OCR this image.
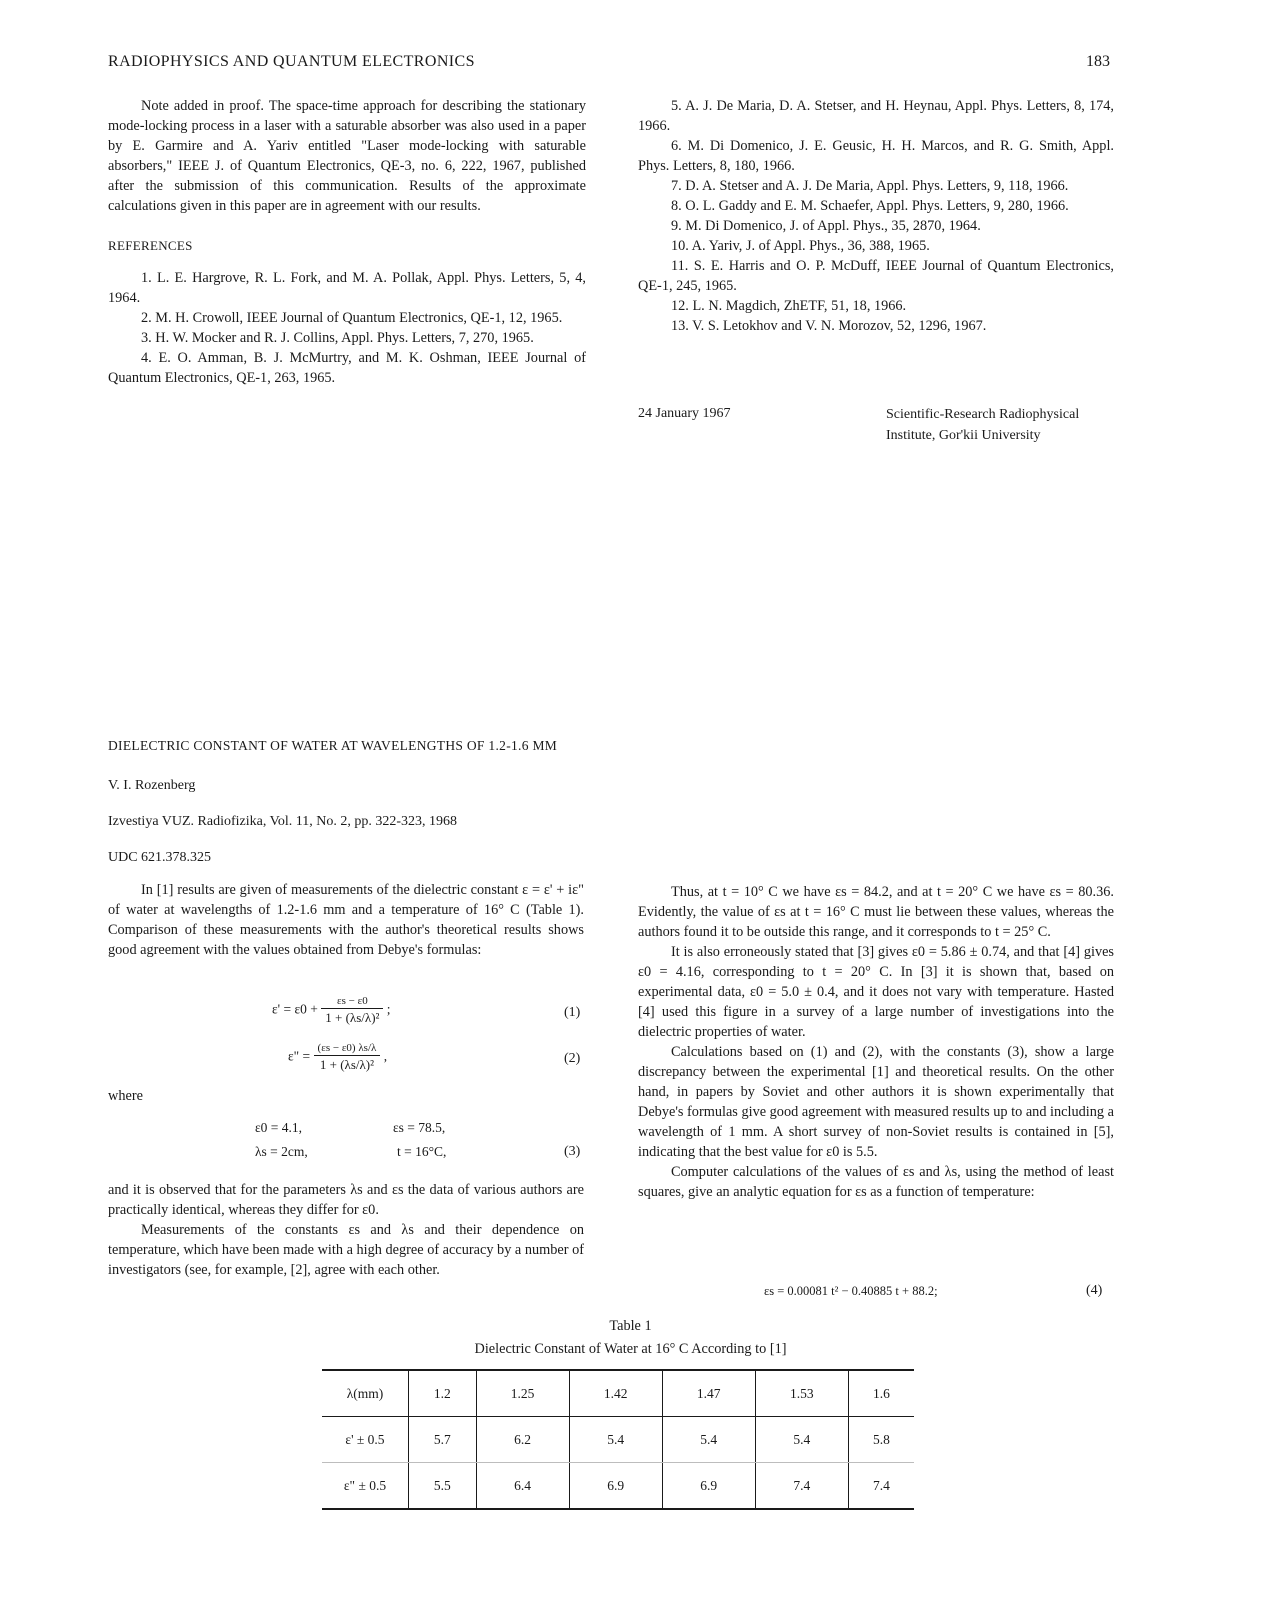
RADIOPHYSICS AND QUANTUM ELECTRONICS	183

Note added in proof. The space-time approach for describing the stationary mode-locking process in a laser with a saturable absorber was also used in a paper by E. Garmire and A. Yariv entitled "Laser mode-locking with saturable absorbers," IEEE J. of Quantum Electronics, QE-3, no. 6, 222, 1967, published after the submission of this communication. Results of the approximate calculations given in this paper are in agreement with our results.

REFERENCES

1. L. E. Hargrove, R. L. Fork, and M. A. Pollak, Appl. Phys. Letters, 5, 4, 1964.

2. M. H. Crowoll, IEEE Journal of Quantum Electronics, QE-1, 12, 1965.

3. H. W. Mocker and R. J. Collins, Appl. Phys. Letters, 7, 270, 1965.

4. E. O. Amman, B. J. McMurtry, and M. K. Oshman, IEEE Journal of Quantum Electronics, QE-1, 263, 1965.

5. A. J. De Maria, D. A. Stetser, and H. Heynau, Appl. Phys. Letters, 8, 174, 1966.

6. M. Di Domenico, J. E. Geusic, H. H. Marcos, and R. G. Smith, Appl. Phys. Letters, 8, 180, 1966.

7. D. A. Stetser and A. J. De Maria, Appl. Phys. Letters, 9, 118, 1966.

8. O. L. Gaddy and E. M. Schaefer, Appl. Phys. Letters, 9, 280, 1966.

9. M. Di Domenico, J. of Appl. Phys., 35, 2870, 1964.

10. A. Yariv, J. of Appl. Phys., 36, 388, 1965.

11. S. E. Harris and O. P. McDuff, IEEE Journal of Quantum Electronics, QE-1, 245, 1965.

12. L. N. Magdich, ZhETF, 51, 18, 1966.

13. V. S. Letokhov and V. N. Morozov, 52, 1296, 1967.

24 January 1967	Scientific-Research Radiophysical
Institute, Gor'kii University

DIELECTRIC CONSTANT OF WATER AT WAVELENGTHS OF 1.2-1.6 MM

V. I. Rozenberg

Izvestiya VUZ. Radiofizika, Vol. 11, No. 2, pp. 322-323, 1968

UDC 621.378.325

In [1] results are given of measurements of the dielectric constant ε = ε' + iε" of water at wavelengths of 1.2-1.6 mm and a temperature of 16° C (Table 1). Comparison of these measurements with the author's theoretical results shows good agreement with the values obtained from Debye's formulas:

$\varepsilon' = \varepsilon 0 + \frac{\varepsilon s - \varepsilon 0}{\text{1 + (λs/λ)²}}$ ;	(1)
ε" = $\frac{(\varepsilon s - \varepsilon 0) \lambda s/\lambda}{\text{1 + (λs/λ)²}}$ ,	(2)
where
ε0 = 4.1,	εs = 78.5,
λs = 2cm,	t = 16°C,	(3)

and it is observed that for the parameters λs and εs the data of various authors are practically identical, whereas they differ for ε0.

Measurements of the constants εs and λs and their dependence on temperature, which have been made with a high degree of accuracy by a number of investigators (see, for example, [2], agree with each other.

Thus, at t = 10° C we have εs = 84.2, and at t = 20° C we have εs = 80.36. Evidently, the value of εs at t = 16° C must lie between these values, whereas the authors found it to be outside this range, and it corresponds to t = 25° C.

It is also erroneously stated that [3] gives ε0 = 5.86 ± 0.74, and that [4] gives ε0 = 4.16, corresponding to t = 20° C. In [3] it is shown that, based on experimental data, ε0 = 5.0 ± 0.4, and it does not vary with temperature. Hasted [4] used this figure in a survey of a large number of investigations into the dielectric properties of water.

Calculations based on (1) and (2), with the constants (3), show a large discrepancy between the experimental [1] and theoretical results. On the other hand, in papers by Soviet and other authors it is shown experimentally that Debye's formulas give good agreement with measured results up to and including a wavelength of 1 mm. A short survey of non-Soviet results is contained in [5], indicating that the best value for ε0 is 5.5.

Computer calculations of the values of εs and λs, using the method of least squares, give an analytic equation for εs as a function of temperature:

εs = 0.00081 t² − 0.40885 t + 88.2;	(4)
Table 1
Dielectric Constant of Water at 16° C According to [1]
λ(mm)	1.2	1.25	1.42	1.47	1.53	1.6
ε' ± 0.5	5.7	6.2	5.4	5.4	5.4	5.8
ε" ± 0.5	5.5	6.4	6.9	6.9	7.4	7.4
